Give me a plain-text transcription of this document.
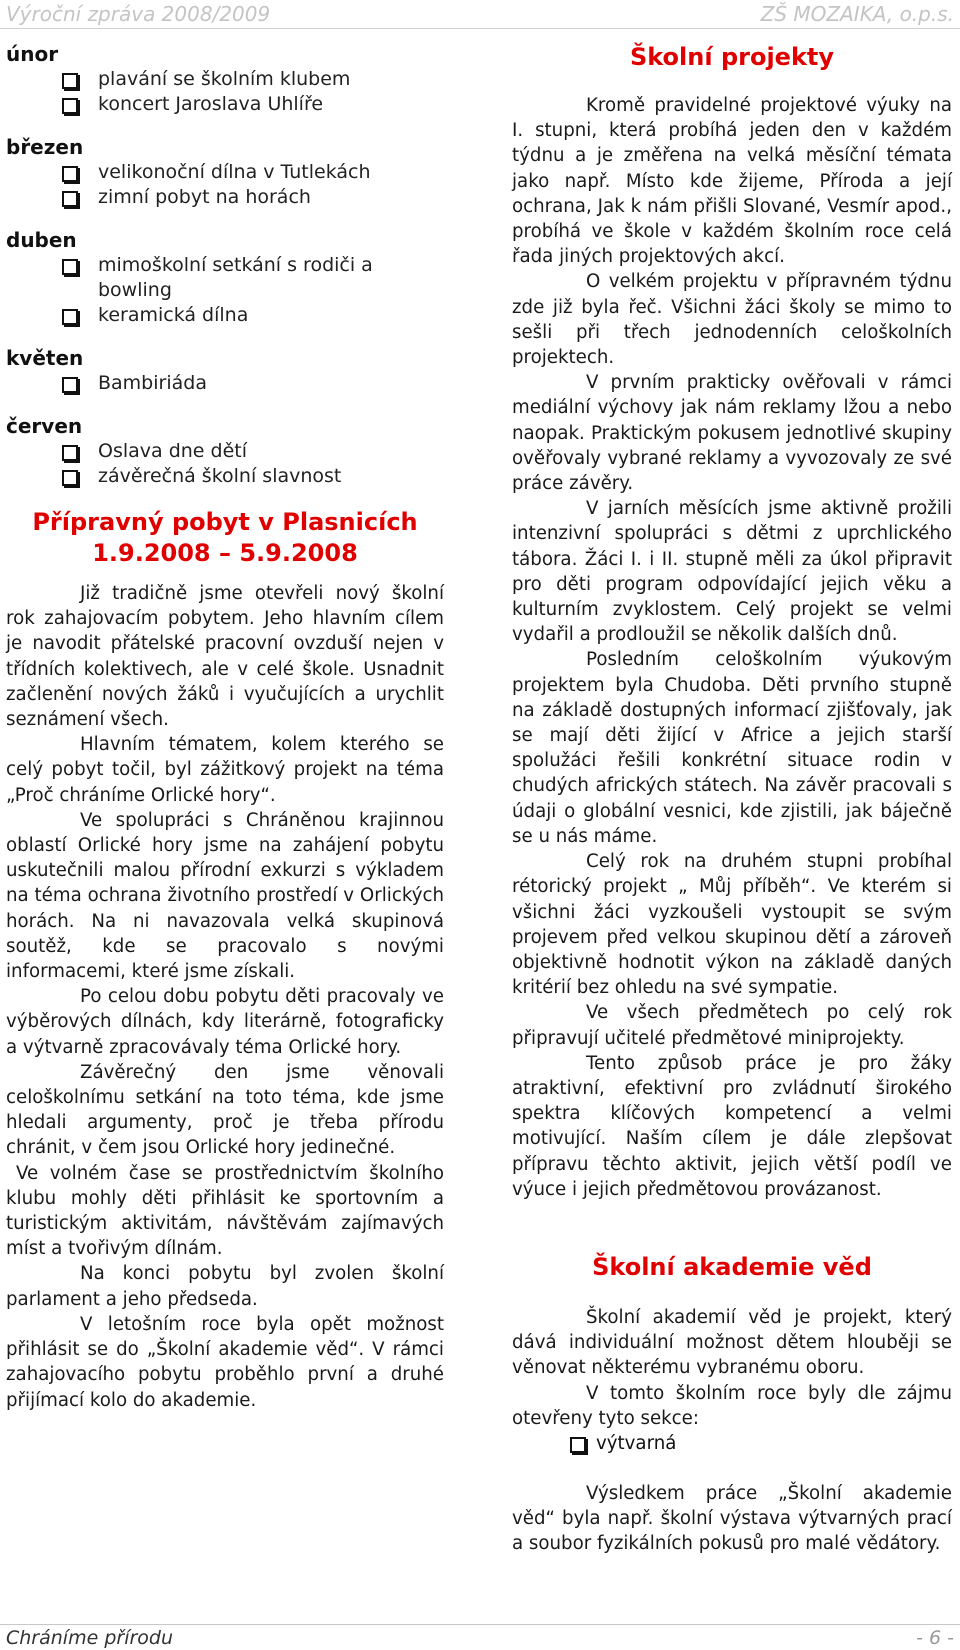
Výroční zpráva 2008/2009	ZŠ MOZAIKA, o.p.s.
únor
plavání se školním klubem
koncert Jaroslava Uhlíře
březen
velikonoční dílna v Tutlekách
zimní pobyt na horách
duben
mimoškolní setkání s rodiči a bowling
keramická dílna
květen
Bambiriáda
červen
Oslava dne dětí
závěrečná školní slavnost
Přípravný pobyt v Plasnicích
1.9.2008 – 5.9.2008

Již tradičně jsme otevřeli nový školní rok zahajovacím pobytem. Jeho hlavním cílem je navodit přátelské pracovní ovzduší nejen v třídních kolektivech, ale v celé škole. Usnadnit začlenění nových žáků i vyučujících a urychlit seznámení všech.

Hlavním tématem, kolem kterého se celý pobyt točil, byl zážitkový projekt na téma „Proč chráníme Orlické hory“.

Ve spolupráci s Chráněnou krajinnou oblastí Orlické hory jsme na zahájení pobytu uskutečnili malou přírodní exkurzi s výkladem na téma ochrana životního prostředí v Orlických horách. Na ni navazovala velká skupinová soutěž, kde se pracovalo s novými informacemi, které jsme získali.

Po celou dobu pobytu děti pracovaly ve výběrových dílnách, kdy literárně, fotograficky a výtvarně zpracovávaly téma Orlické hory.

Závěrečný den jsme věnovali celoškolnímu setkání na toto téma, kde jsme hledali argumenty, proč je třeba přírodu chránit, v čem jsou Orlické hory jedinečné.

Ve volném čase se prostřednictvím školního klubu mohly děti přihlásit ke sportovním a turistickým aktivitám, návštěvám zajímavých míst a tvořivým dílnám.

Na konci pobytu byl zvolen školní parlament a jeho předseda.

V letošním roce byla opět možnost přihlásit se do „Školní akademie věd“. V rámci zahajovacího pobytu proběhlo první a druhé přijímací kolo do akademie.

Školní projekty

Kromě pravidelné projektové výuky na I. stupni, která probíhá jeden den v každém týdnu a je změřena na velká měsíční témata jako např. Místo kde žijeme, Příroda a její ochrana, Jak k nám přišli Slované, Vesmír apod., probíhá ve škole v každém školním roce celá řada jiných projektových akcí.

O velkém projektu v přípravném týdnu zde již byla řeč. Všichni žáci školy se mimo to sešli při třech jednodenních celoškolních projektech.

V prvním prakticky ověřovali v rámci mediální výchovy jak nám reklamy lžou a nebo naopak. Praktickým pokusem jednotlivé skupiny ověřovaly vybrané reklamy a vyvozovaly ze své práce závěry.

V jarních měsících jsme aktivně prožili intenzivní spolupráci s dětmi z uprchlického tábora. Žáci I. i II. stupně měli za úkol připravit pro děti program odpovídající jejich věku a kulturním zvyklostem. Celý projekt se velmi vydařil a prodloužil se několik dalších dnů.

Posledním celoškolním výukovým projektem byla Chudoba. Děti prvního stupně na základě dostupných informací zjišťovaly, jak se mají děti žijící v Africe a jejich starší spolužáci řešili konkrétní situace rodin v chudých afrických státech. Na závěr pracovali s údaji o globální vesnici, kde zjistili, jak báječně se u nás máme.

Celý rok na druhém stupni probíhal rétorický projekt „ Můj příběh“. Ve kterém si všichni žáci vyzkoušeli vystoupit se svým projevem před velkou skupinou dětí a zároveň objektivně hodnotit výkon na základě daných kritérií bez ohledu na své sympatie.

Ve všech předmětech po celý rok připravují učitelé předmětové miniprojekty.

Tento způsob práce je pro žáky atraktivní, efektivní pro zvládnutí širokého spektra klíčových kompetencí a velmi motivující. Naším cílem je dále zlepšovat přípravu těchto aktivit, jejich větší podíl ve výuce i jejich předmětovou provázanost.

Školní akademie věd

Školní akademií věd je projekt, který dává individuální možnost dětem hlouběji se věnovat některému vybranému oboru.

V tomto školním roce byly dle zájmu otevřeny tyto sekce:

výtvarná

Výsledkem práce „Školní akademie věd“ byla např. školní výstava výtvarných prací a soubor fyzikálních pokusů pro malé vědátory.

Chráníme přírodu	- 6 -
